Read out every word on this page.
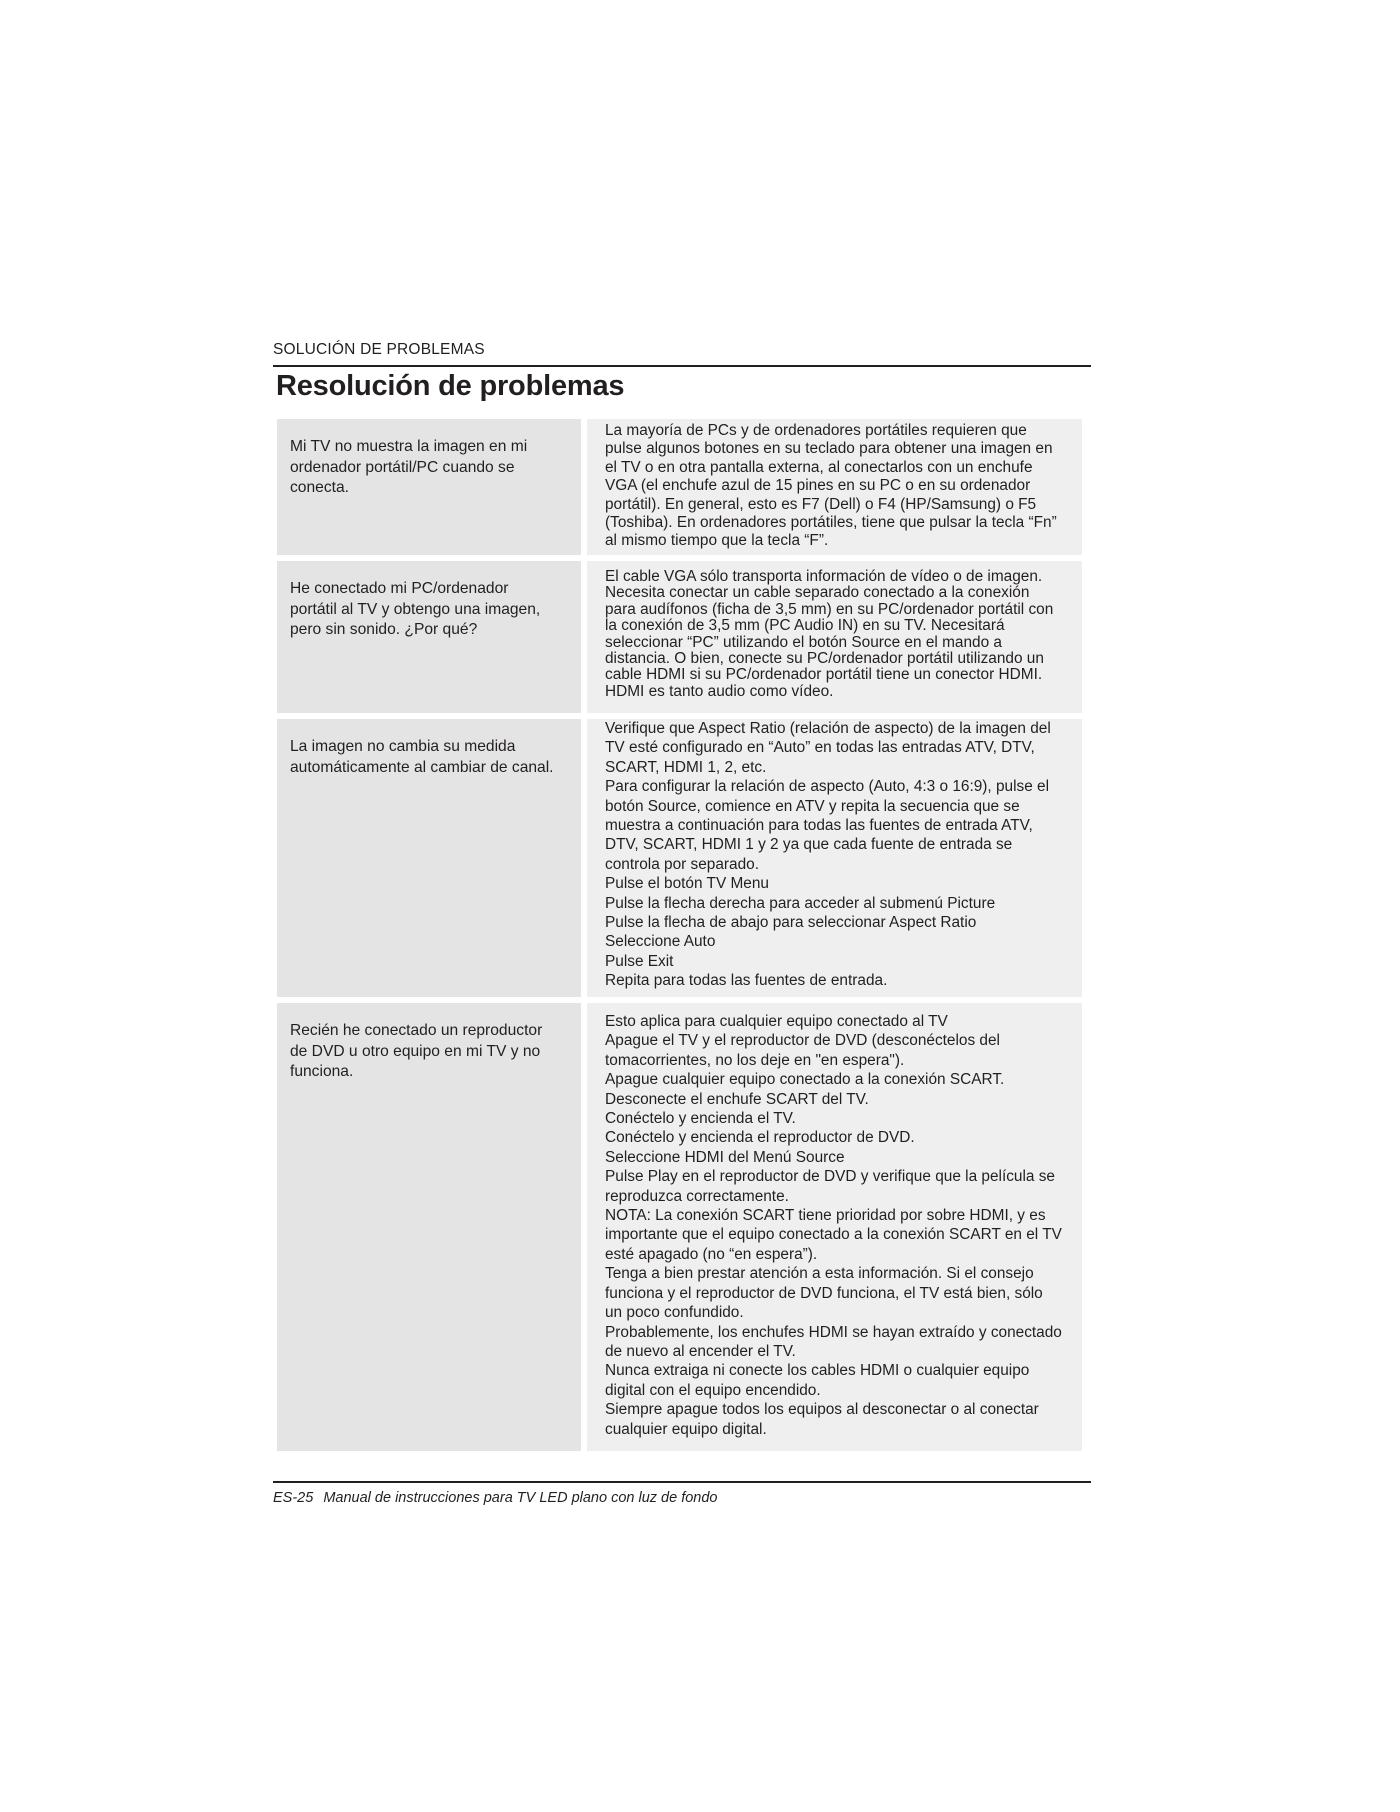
SOLUCIÓN DE PROBLEMAS
Resolución de problemas
Mi TV no muestra la imagen en mi ordenador portátil/PC cuando se conecta.

La mayoría de PCs y de ordenadores portátiles requieren que pulse algunos botones en su teclado para obtener una imagen en el TV o en otra pantalla externa, al conectarlos con un enchufe VGA (el enchufe azul de 15 pines en su PC o en su ordenador portátil). En general, esto es F7 (Dell) o F4 (HP/Samsung) o F5 (Toshiba). En ordenadores portátiles, tiene que pulsar la tecla “Fn” al mismo tiempo que la tecla “F”.

He conectado mi PC/ordenador portátil al TV y obtengo una imagen, pero sin sonido. ¿Por qué?

El cable VGA sólo transporta información de vídeo o de imagen. Necesita conectar un cable separado conectado a la conexión para audífonos (ficha de 3,5 mm) en su PC/ordenador portátil con la conexión de 3,5 mm (PC Audio IN) en su TV. Necesitará seleccionar “PC” utilizando el botón Source en el mando a distancia. O bien, conecte su PC/ordenador portátil utilizando un cable HDMI si su PC/ordenador portátil tiene un conector HDMI. HDMI es tanto audio como vídeo.

La imagen no cambia su medida automáticamente al cambiar de canal.

Verifique que Aspect Ratio (relación de aspecto) de la imagen del TV esté configurado en “Auto” en todas las entradas ATV, DTV, SCART, HDMI 1, 2, etc.

Para configurar la relación de aspecto (Auto, 4:3 o 16:9), pulse el botón Source, comience en ATV y repita la secuencia que se muestra a continuación para todas las fuentes de entrada ATV, DTV, SCART, HDMI 1 y 2 ya que cada fuente de entrada se controla por separado.

Pulse el botón TV Menu

Pulse la flecha derecha para acceder al submenú Picture

Pulse la flecha de abajo para seleccionar Aspect Ratio

Seleccione Auto

Pulse Exit

Repita para todas las fuentes de entrada.

Recién he conectado un reproductor de DVD u otro equipo en mi TV y no funciona.

Esto aplica para cualquier equipo conectado al TV

Apague el TV y el reproductor de DVD (desconéctelos del tomacorrientes, no los deje en "en espera").

Apague cualquier equipo conectado a la conexión SCART.

Desconecte el enchufe SCART del TV.

Conéctelo y encienda el TV.

Conéctelo y encienda el reproductor de DVD.

Seleccione HDMI del Menú Source

Pulse Play en el reproductor de DVD y verifique que la película se reproduzca correctamente.

NOTA: La conexión SCART tiene prioridad por sobre HDMI, y es importante que el equipo conectado a la conexión SCART en el TV esté apagado (no “en espera”).

Tenga a bien prestar atención a esta información. Si el consejo funciona y el reproductor de DVD funciona, el TV está bien, sólo un poco confundido.

Probablemente, los enchufes HDMI se hayan extraído y conectado de nuevo al encender el TV.

Nunca extraiga ni conecte los cables HDMI o cualquier equipo digital con el equipo encendido.

Siempre apague todos los equipos al desconectar o al conectar cualquier equipo digital.

ES-25 Manual de instrucciones para TV LED plano con luz de fondo
